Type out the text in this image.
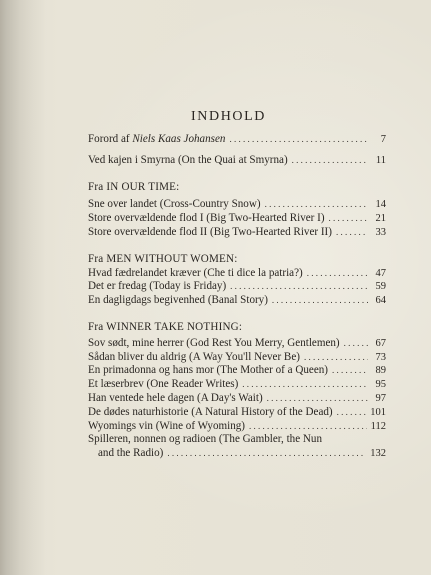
INDHOLD
Forord af Niels Kaas Johansen . . .	7
Ved kajen i Smyrna (On the Quai at Smyrna) . . .	11
Fra IN OUR TIME:
Sne over landet (Cross-Country Snow) . . .	14
Store overvældende flod I (Big Two-Hearted River I) . . .	21
Store overvældende flod II (Big Two-Hearted River II) . . .	33
Fra MEN WITHOUT WOMEN:
Hvad fædrelandet kræver (Che ti dice la patria?) . . .	47
Det er fredag (Today is Friday) . . .	59
En dagligdags begivenhed (Banal Story) . . .	64
Fra WINNER TAKE NOTHING:
Sov sødt, mine herrer (God Rest You Merry, Gentlemen) . . .	67
Sådan bliver du aldrig (A Way You'll Never Be) . . .	73
En primadonna og hans mor (The Mother of a Queen) . . .	89
Et læserbrev (One Reader Writes) . . .	95
Han ventede hele dagen (A Day's Wait) . . .	97
De dødes naturhistorie (A Natural History of the Dead) . . .	101
Wyomings vin (Wine of Wyoming) . . .	112
Spilleren, nonnen og radioen (The Gambler, the Nun
and the Radio) . . .	132
